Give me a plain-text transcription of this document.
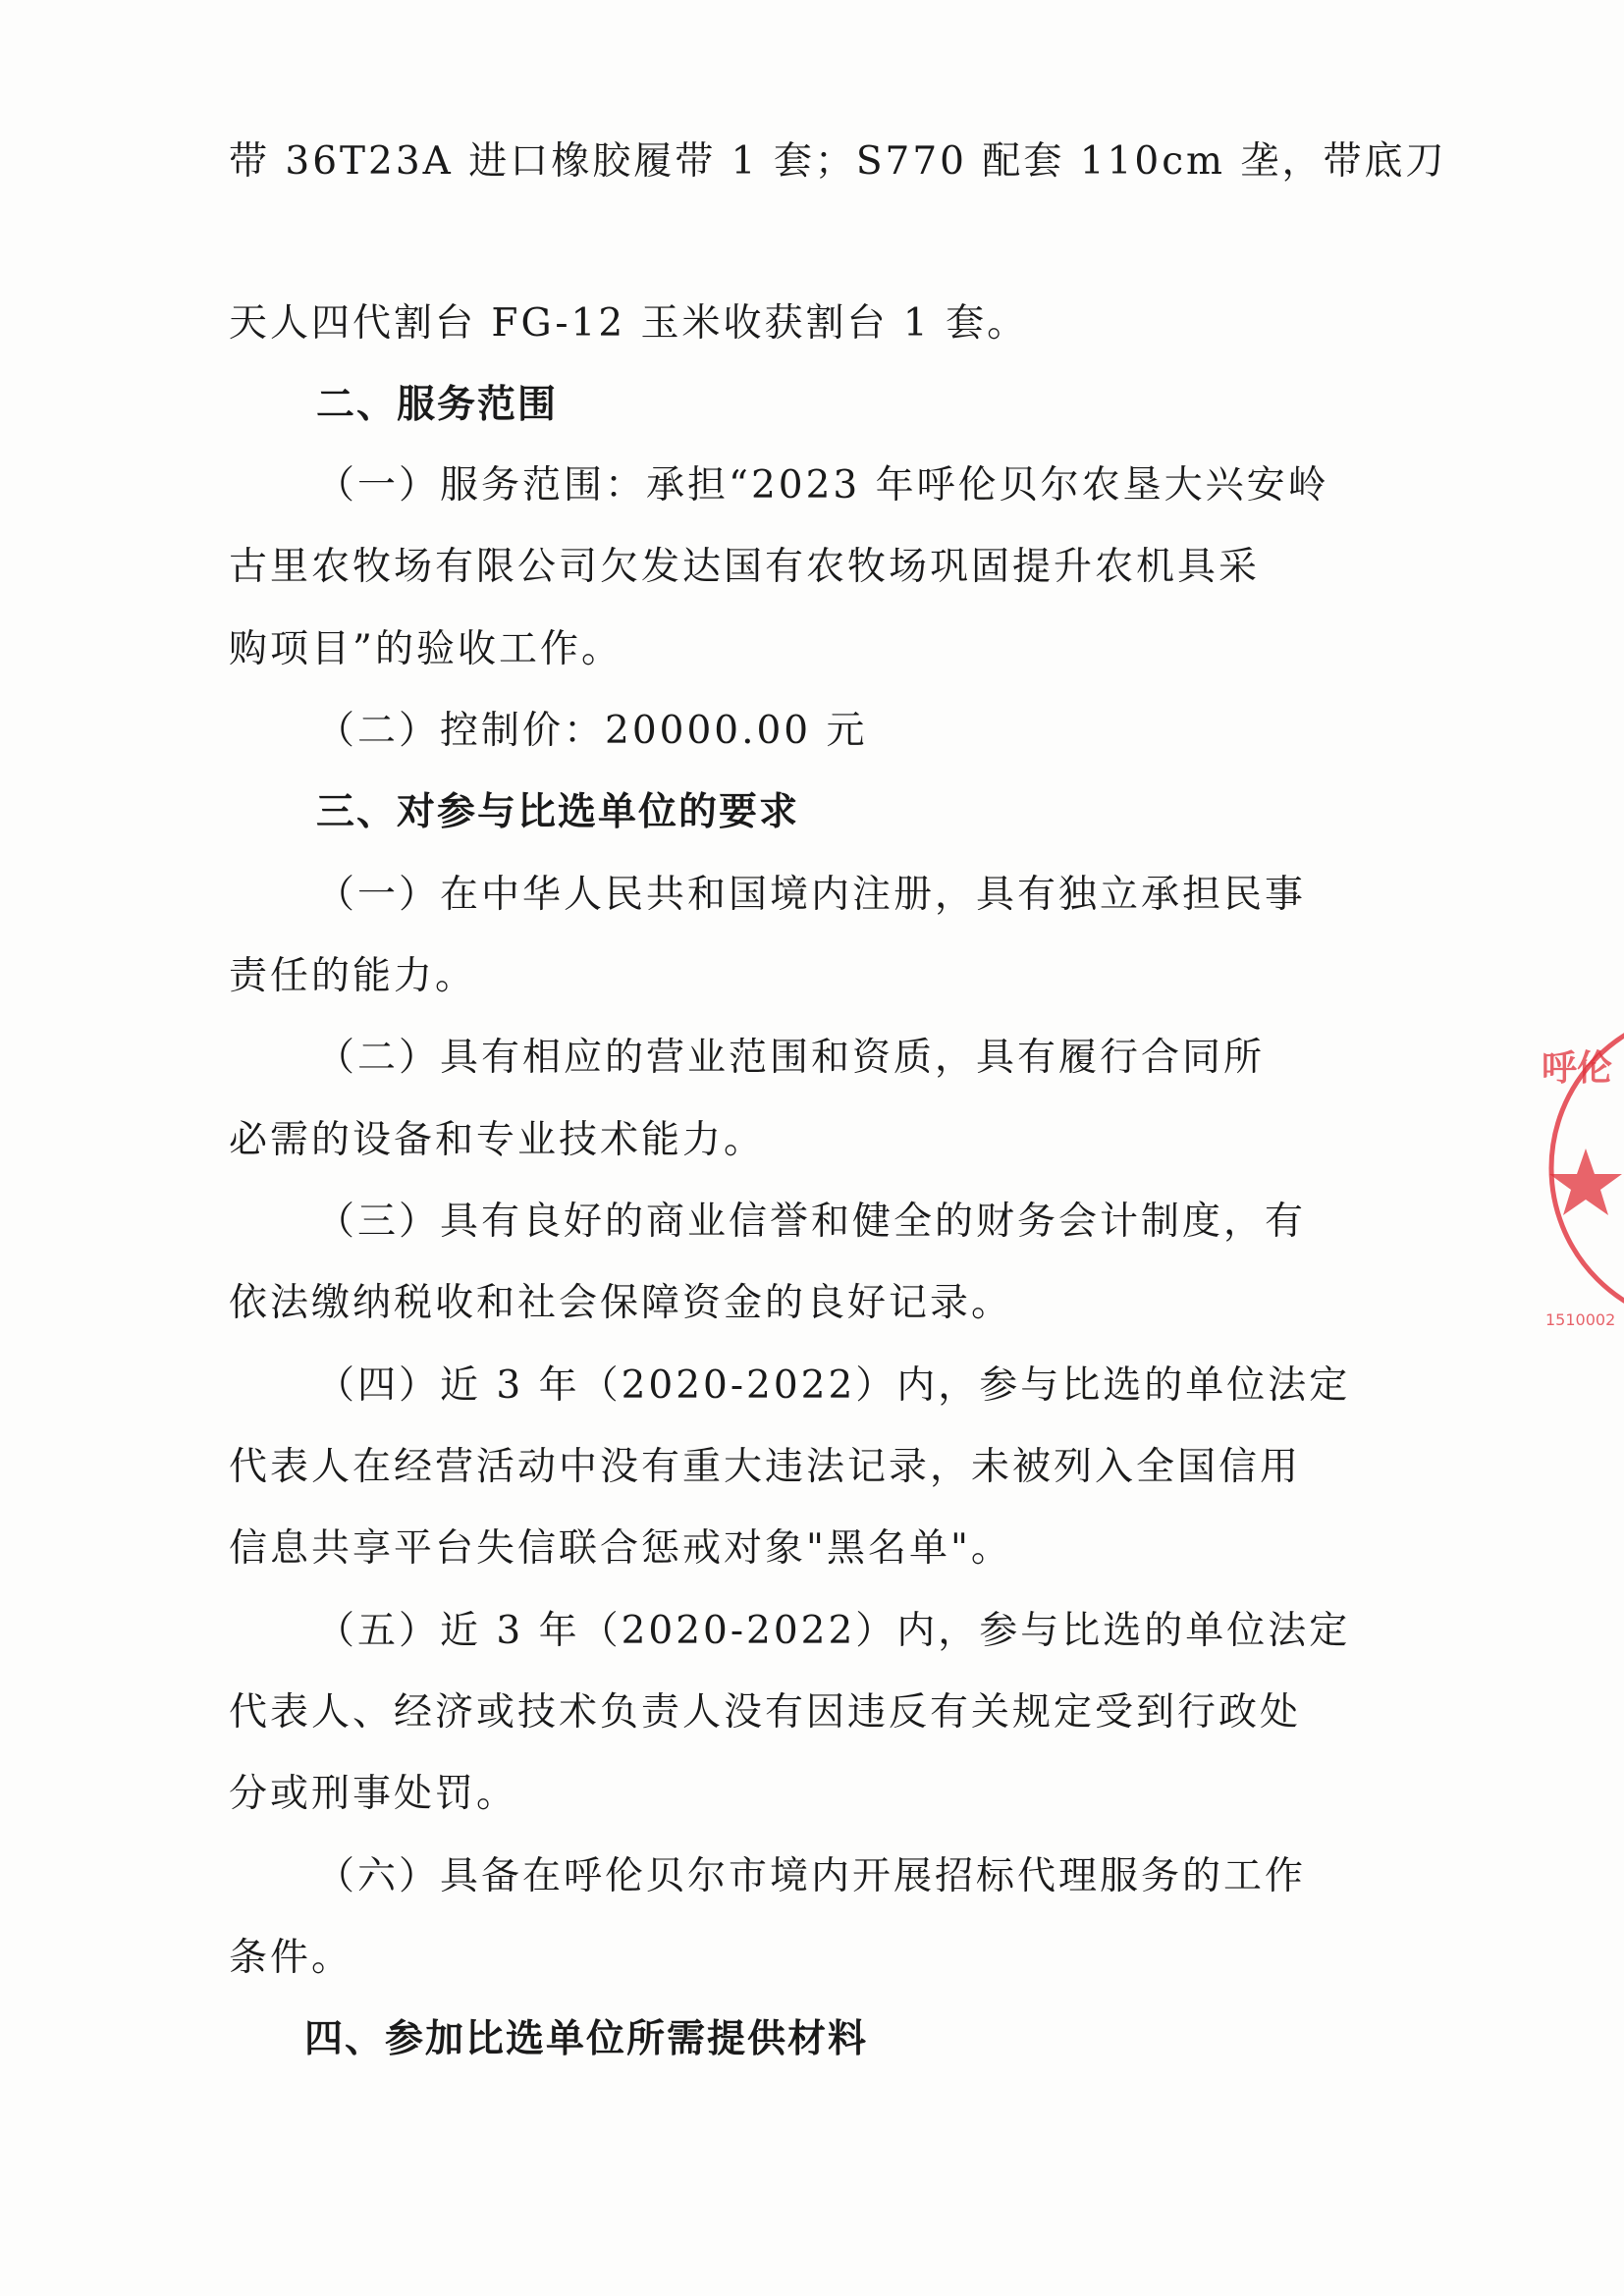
带 36T23A 进口橡胶履带 1 套；S770 配套 110cm 垄，带底刀
天人四代割台 FG-12 玉米收获割台 1 套。
二、服务范围
（一）服务范围：承担“2023 年呼伦贝尔农垦大兴安岭
古里农牧场有限公司欠发达国有农牧场巩固提升农机具采
购项目”的验收工作。
（二）控制价：20000.00 元
三、对参与比选单位的要求
（一）在中华人民共和国境内注册，具有独立承担民事
责任的能力。
（二）具有相应的营业范围和资质，具有履行合同所
必需的设备和专业技术能力。
（三）具有良好的商业信誉和健全的财务会计制度，有
依法缴纳税收和社会保障资金的良好记录。
（四）近 3 年（2020-2022）内，参与比选的单位法定
代表人在经营活动中没有重大违法记录，未被列入全国信用
信息共享平台失信联合惩戒对象"黑名单"。
（五）近 3 年（2020-2022）内，参与比选的单位法定
代表人、经济或技术负责人没有因违反有关规定受到行政处
分或刑事处罚。
（六）具备在呼伦贝尔市境内开展招标代理服务的工作
条件。
四、参加比选单位所需提供材料
呼伦
1510002
